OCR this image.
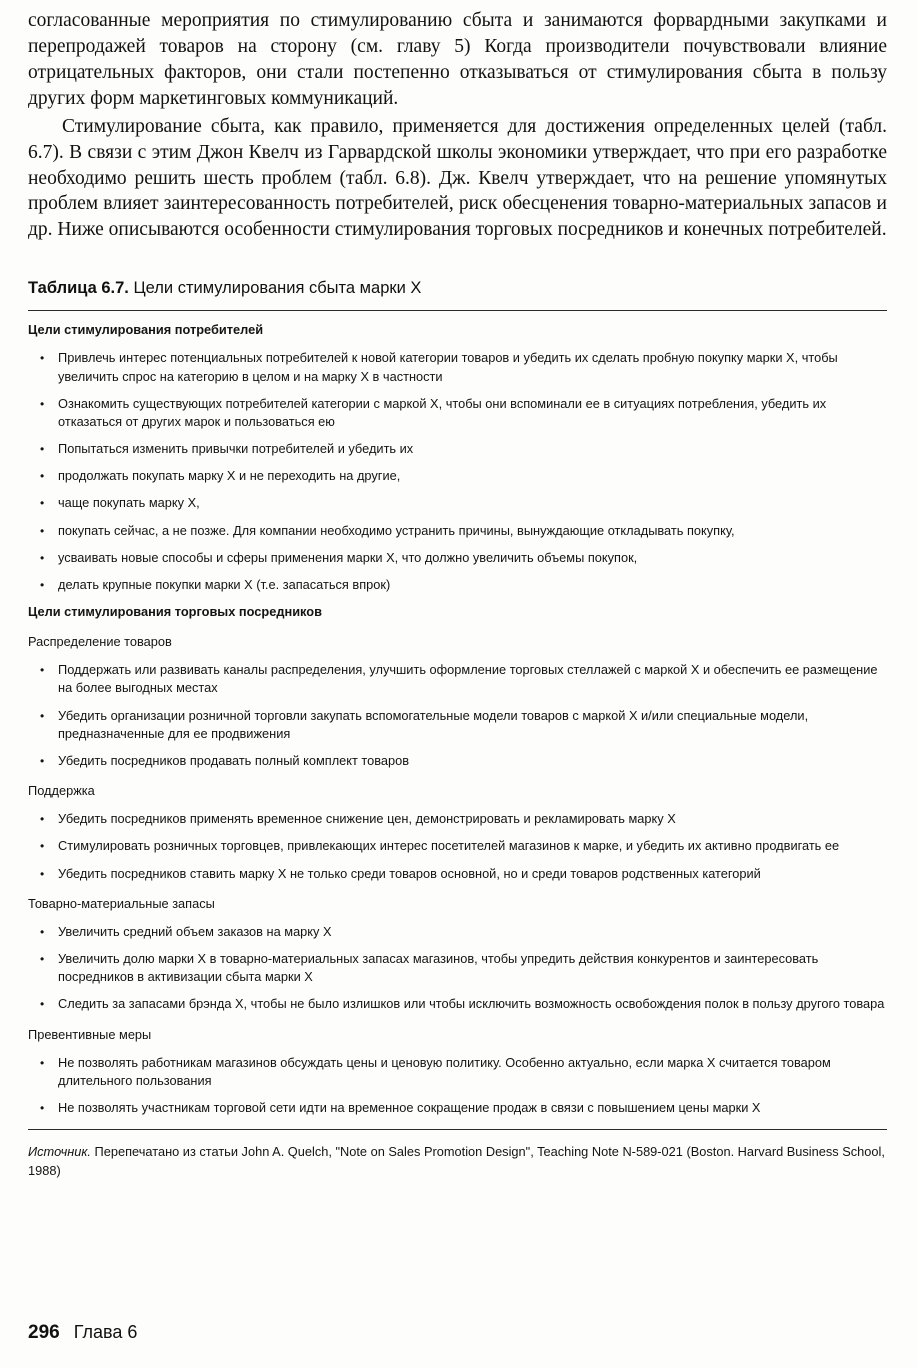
согласованные мероприятия по стимулированию сбыта и занимаются форвардными закупками и перепродажей товаров на сторону (см. главу 5) Когда производители почувствовали влияние отрицательных факторов, они стали постепенно отказываться от стимулирования сбыта в пользу других форм маркетинговых коммуникаций.

Стимулирование сбыта, как правило, применяется для достижения определенных целей (табл. 6.7). В связи с этим Джон Квелч из Гарвардской школы экономики утверждает, что при его разработке необходимо решить шесть проблем (табл. 6.8). Дж. Квелч утверждает, что на решение упомянутых проблем влияет заинтересованность потребителей, риск обесценения товарно-материальных запасов и др. Ниже описываются особенности стимулирования торговых посредников и конечных потребителей.

Таблица 6.7. Цели стимулирования сбыта марки X
Цели стимулирования потребителей
•	Привлечь интерес потенциальных потребителей к новой категории товаров и убедить их сделать пробную покупку марки X, чтобы увеличить спрос на категорию в целом и на марку X в частности
•	Ознакомить существующих потребителей категории с маркой X, чтобы они вспоминали ее в ситуациях потребления, убедить их отказаться от других марок и пользоваться ею
•	Попытаться изменить привычки потребителей и убедить их
•	продолжать покупать марку X и не переходить на другие,
•	чаще покупать марку X,
•	покупать сейчас, а не позже. Для компании необходимо устранить причины, вынуждающие откладывать покупку,
•	усваивать новые способы и сферы применения марки X, что должно увеличить объемы покупок,
•	делать крупные покупки марки X (т.е. запасаться впрок)
Цели стимулирования торговых посредников
Распределение товаров
•	Поддержать или развивать каналы распределения, улучшить оформление торговых стеллажей с маркой X и обеспечить ее размещение на более выгодных местах
•	Убедить организации розничной торговли закупать вспомогательные модели товаров с маркой X и/или специальные модели, предназначенные для ее продвижения
•	Убедить посредников продавать полный комплект товаров
Поддержка
•	Убедить посредников применять временное снижение цен, демонстрировать и рекламировать марку X
•	Стимулировать розничных торговцев, привлекающих интерес посетителей магазинов к марке, и убедить их активно продвигать ее
•	Убедить посредников ставить марку X не только среди товаров основной, но и среди товаров родственных категорий
Товарно-материальные запасы
•	Увеличить средний объем заказов на марку X
•	Увеличить долю марки X в товарно-материальных запасах магазинов, чтобы упредить действия конкурентов и заинтересовать посредников в активизации сбыта марки X
•	Следить за запасами брэнда X, чтобы не было излишков или чтобы исключить возможность освобождения полок в пользу другого товара
Превентивные меры
•	Не позволять работникам магазинов обсуждать цены и ценовую политику. Особенно актуально, если марка X считается товаром длительного пользования
•	Не позволять участникам торговой сети идти на временное сокращение продаж в связи с повышением цены марки X
Источник. Перепечатано из статьи John A. Quelch, "Note on Sales Promotion Design", Teaching Note N-589-021 (Boston. Harvard Business School, 1988)
296 Глава 6
